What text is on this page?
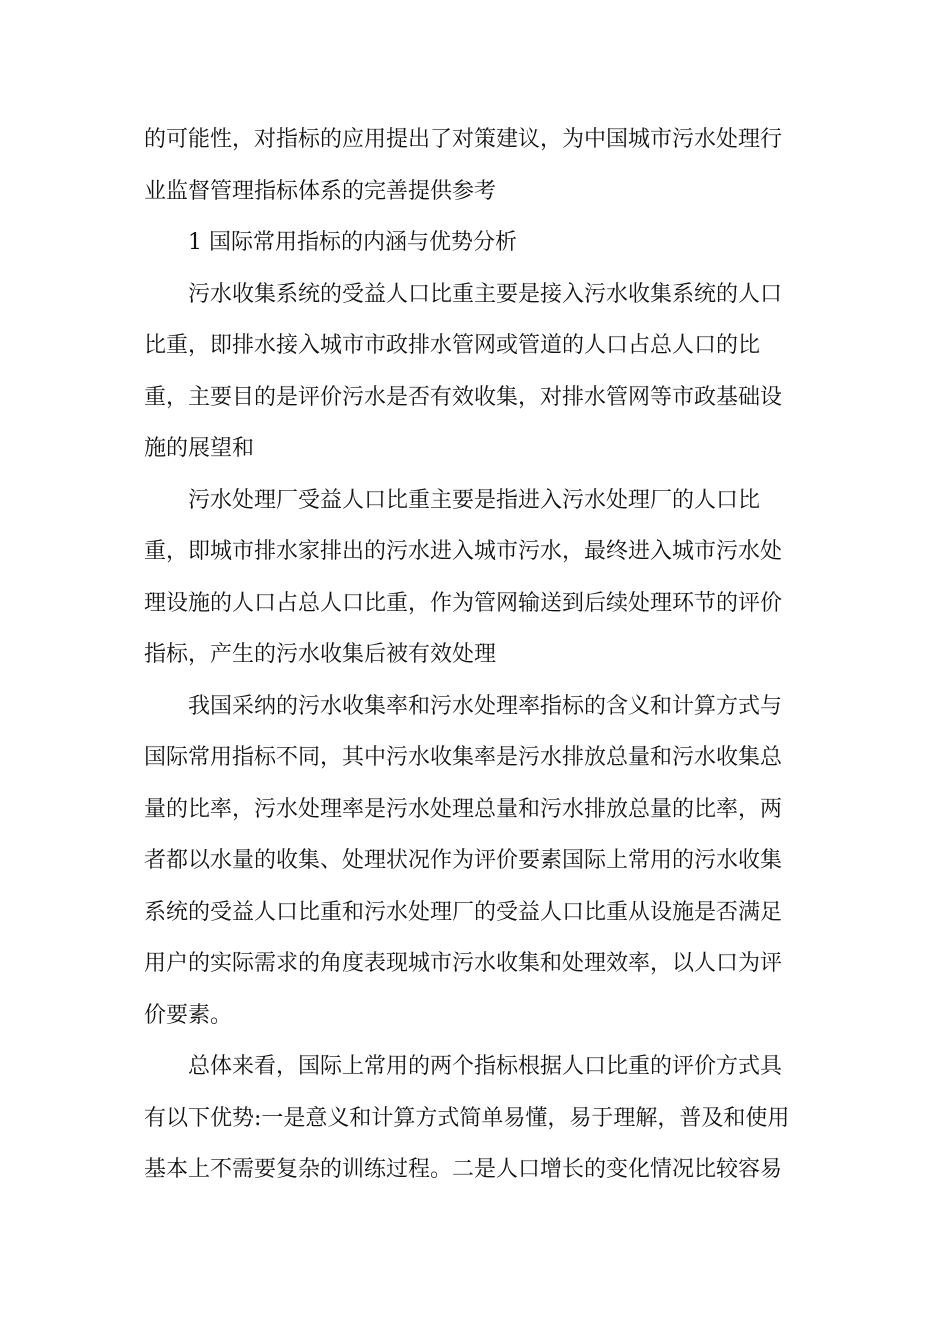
的可能性，对指标的应用提出了对策建议，为中国城市污水处理行
业监督管理指标体系的完善提供参考

1 国际常用指标的内涵与优势分析

污水收集系统的受益人口比重主要是接入污水收集系统的人口
比重，即排水接入城市市政排水管网或管道的人口占总人口的比
重，主要目的是评价污水是否有效收集，对排水管网等市政基础设
施的展望和

污水处理厂受益人口比重主要是指进入污水处理厂的人口比
重，即城市排水家排出的污水进入城市污水，最终进入城市污水处
理设施的人口占总人口比重，作为管网输送到后续处理环节的评价
指标，产生的污水收集后被有效处理

我国采纳的污水收集率和污水处理率指标的含义和计算方式与
国际常用指标不同，其中污水收集率是污水排放总量和污水收集总
量的比率，污水处理率是污水处理总量和污水排放总量的比率，两
者都以水量的收集、处理状况作为评价要素国际上常用的污水收集
系统的受益人口比重和污水处理厂的受益人口比重从设施是否满足
用户的实际需求的角度表现城市污水收集和处理效率，以人口为评
价要素。

总体来看，国际上常用的两个指标根据人口比重的评价方式具
有以下优势:一是意义和计算方式简单易懂，易于理解，普及和使用
基本上不需要复杂的训练过程。二是人口增长的变化情况比较容易
